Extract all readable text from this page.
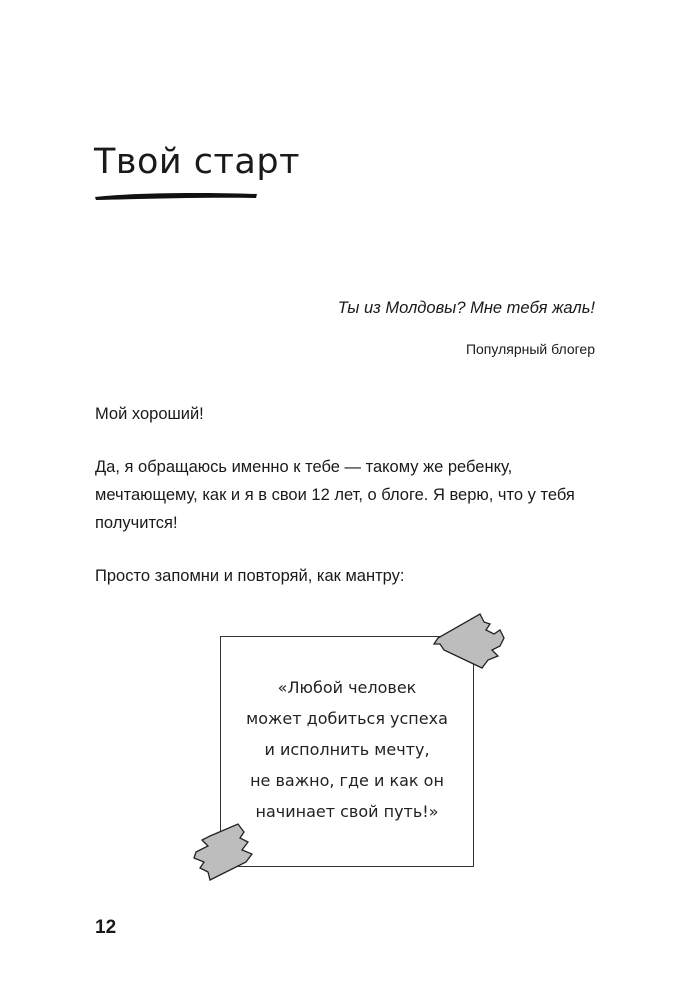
Твой старт
Ты из Молдовы? Мне тебя жаль!
Популярный блогер
Мой хороший!
Да, я обращаюсь именно к тебе — такому же ребенку, мечтающему, как и я в свои 12 лет, о блоге. Я верю, что у тебя получится!
Просто запомни и повторяй, как мантру:
«Любой человек
может добиться успеха
и исполнить мечту,
не важно, где и как он
начинает свой путь!»
12
